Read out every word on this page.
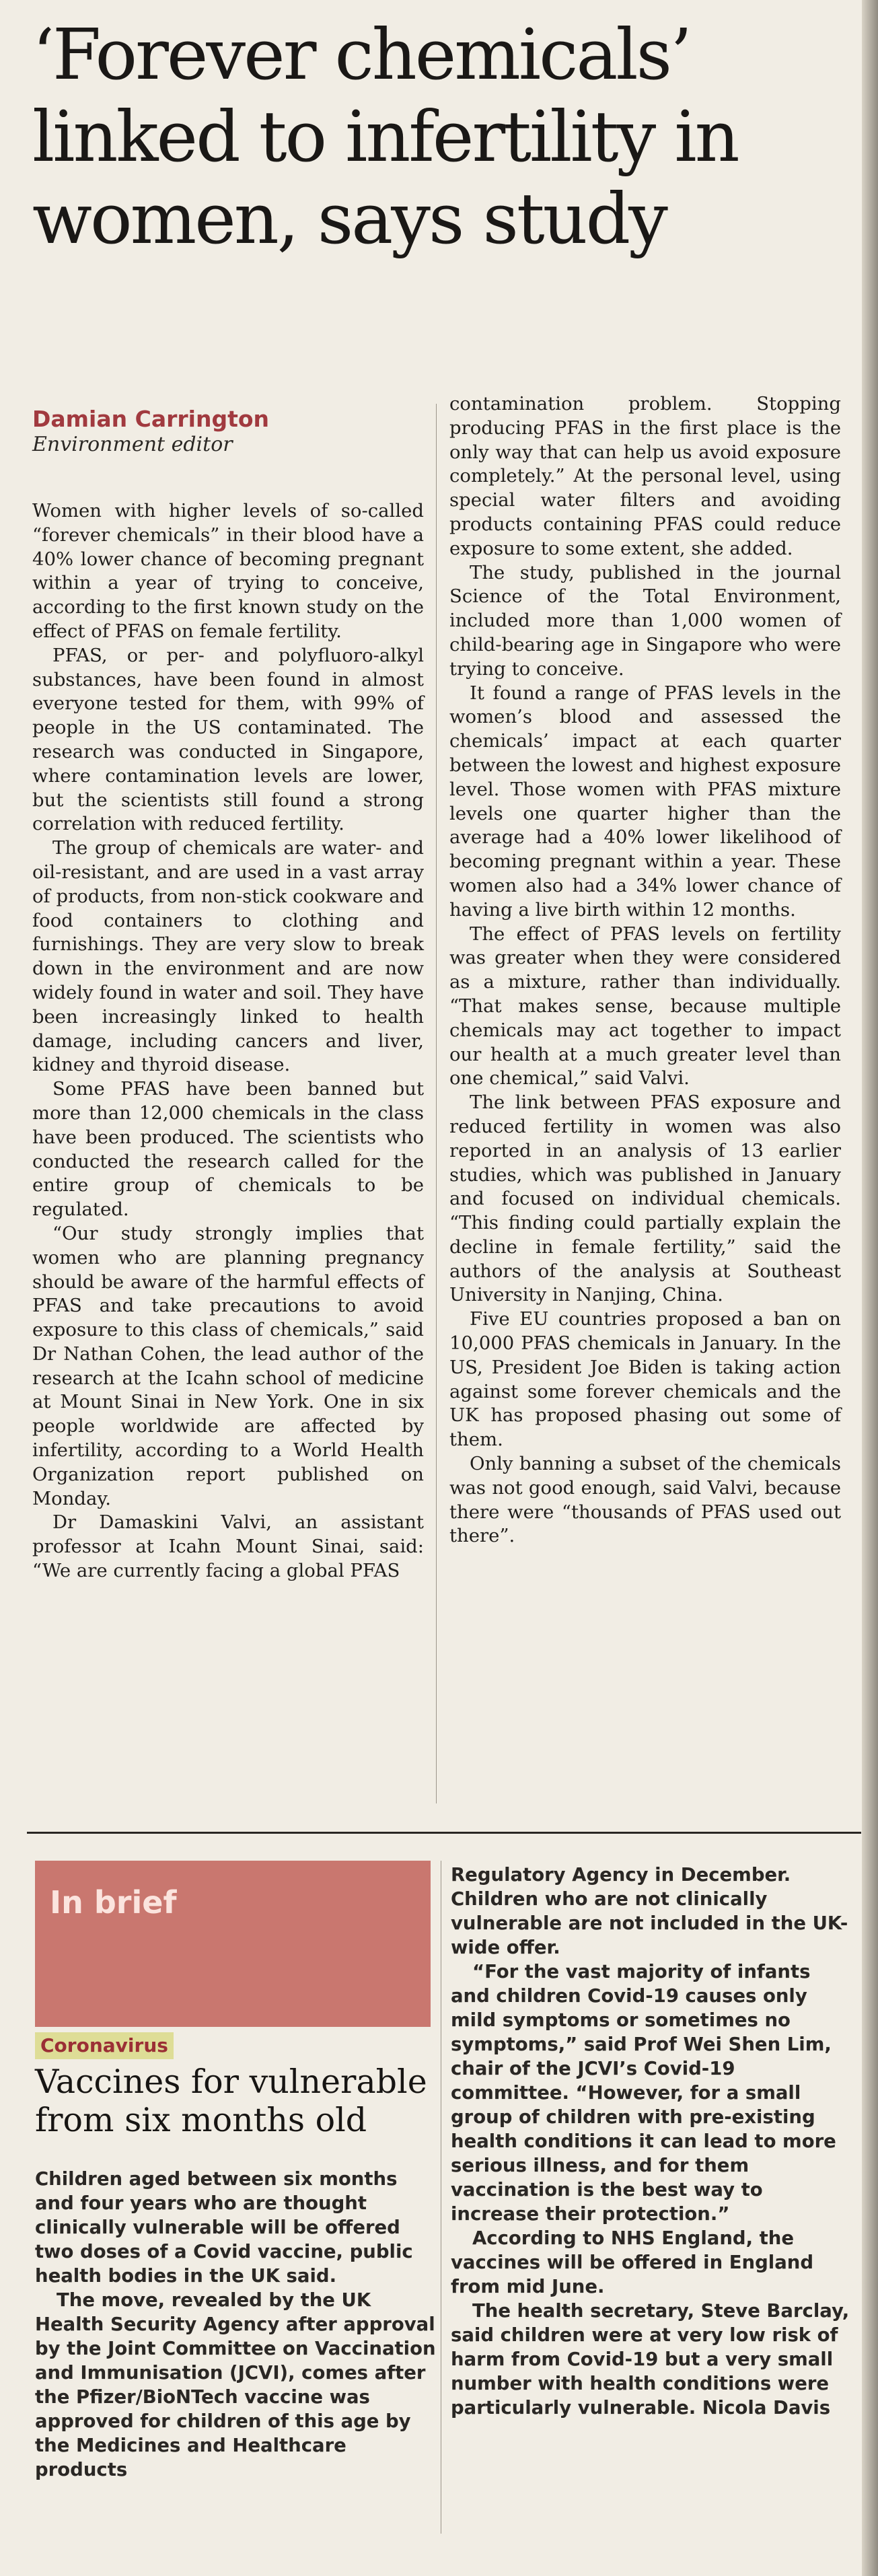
‘Forever chemicals’ linked to infertility in women, says study
Damian Carrington
Environment editor

Women with higher levels of so-called “forever chemicals” in their blood have a 40% lower chance of becoming pregnant within a year of trying to conceive, according to the first known study on the effect of PFAS on female fertility.

PFAS, or per- and polyfluoro-alkyl substances, have been found in almost everyone tested for them, with 99% of people in the US contaminated. The research was conducted in Singapore, where contamination levels are lower, but the scientists still found a strong correlation with reduced fertility.

The group of chemicals are water- and oil-resistant, and are used in a vast array of products, from non-stick cookware and food containers to clothing and furnishings. They are very slow to break down in the environment and are now widely found in water and soil. They have been increasingly linked to health damage, including cancers and liver, kidney and thyroid disease.

Some PFAS have been banned but more than 12,000 chemicals in the class have been produced. The scientists who conducted the research called for the entire group of chemicals to be regulated.

“Our study strongly implies that women who are planning pregnancy should be aware of the harmful effects of PFAS and take precautions to avoid exposure to this class of chemicals,” said Dr Nathan Cohen, the lead author of the research at the Icahn school of medicine at Mount Sinai in New York. One in six people worldwide are affected by infertility, according to a World Health Organization report published on Monday.

Dr Damaskini Valvi, an assistant professor at Icahn Mount Sinai, said: “We are currently facing a global PFAS

contamination problem. Stopping producing PFAS in the first place is the only way that can help us avoid exposure completely.” At the personal level, using special water filters and avoiding products containing PFAS could reduce exposure to some extent, she added.

The study, published in the journal Science of the Total Environment, included more than 1,000 women of child-bearing age in Singapore who were trying to conceive.

It found a range of PFAS levels in the women’s blood and assessed the chemicals’ impact at each quarter between the lowest and highest exposure level. Those women with PFAS mixture levels one quarter higher than the average had a 40% lower likelihood of becoming pregnant within a year. These women also had a 34% lower chance of having a live birth within 12 months.

The effect of PFAS levels on fertility was greater when they were considered as a mixture, rather than individually. “That makes sense, because multiple chemicals may act together to impact our health at a much greater level than one chemical,” said Valvi.

The link between PFAS exposure and reduced fertility in women was also reported in an analysis of 13 earlier studies, which was published in January and focused on individual chemicals. “This finding could partially explain the decline in female fertility,” said the authors of the analysis at Southeast University in Nanjing, China.

Five EU countries proposed a ban on 10,000 PFAS chemicals in January. In the US, President Joe Biden is taking action against some forever chemicals and the UK has proposed phasing out some of them.

Only banning a subset of the chemicals was not good enough, said Valvi, because there were “thousands of PFAS used out there”.

In brief
Coronavirus
Vaccines for vulnerable from six months old

Children aged between six months and four years who are thought clinically vulnerable will be offered two doses of a Covid vaccine, public health bodies in the UK said.

The move, revealed by the UK Health Security Agency after approval by the Joint Committee on Vaccination and Immunisation (JCVI), comes after the Pfizer/BioNTech vaccine was approved for children of this age by the Medicines and Healthcare products

Regulatory Agency in December. Children who are not clinically vulnerable are not included in the UK-wide offer.

“For the vast majority of infants and children Covid-19 causes only mild symptoms or sometimes no symptoms,” said Prof Wei Shen Lim, chair of the JCVI’s Covid-19 committee. “However, for a small group of children with pre-existing health conditions it can lead to more serious illness, and for them vaccination is the best way to increase their protection.”

According to NHS England, the vaccines will be offered in England from mid June.

The health secretary, Steve Barclay, said children were at very low risk of harm from Covid-19 but a very small number with health conditions were particularly vulnerable. Nicola Davis
